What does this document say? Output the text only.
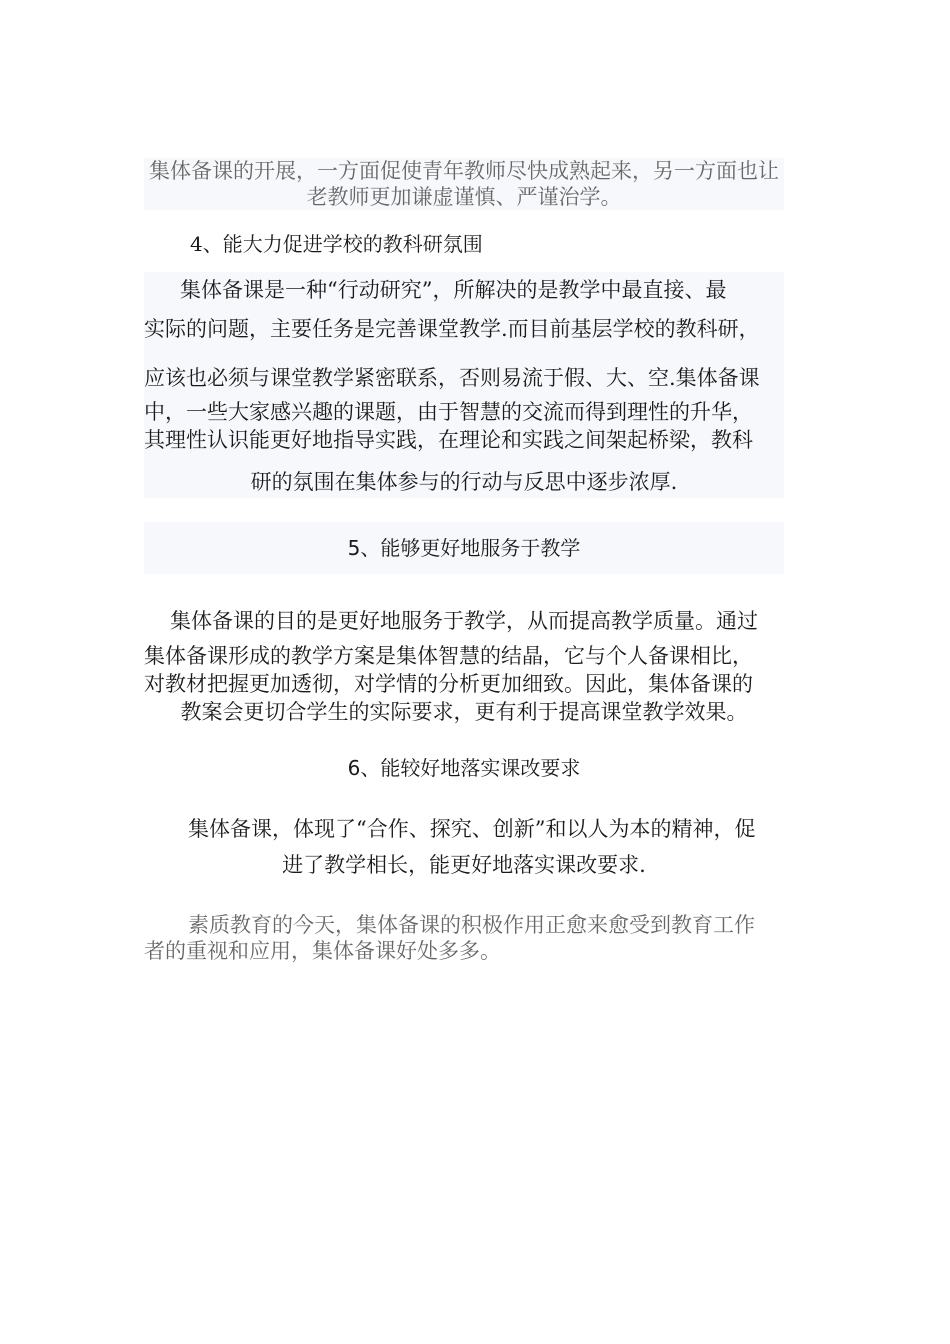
集体备课的开展，一方面促使青年教师尽快成熟起来，另一方面也让老教师更加谦虚谨慎、严谨治学。

4、能大力促进学校的教科研氛围
集体备课是一种“行动研究”，所解决的是教学中最直接、最
实际的问题，主要任务是完善课堂教学.而目前基层学校的教科研，
应该也必须与课堂教学紧密联系，否则易流于假、大、空.集体备课
中，一些大家感兴趣的课题，由于智慧的交流而得到理性的升华，
其理性认识能更好地指导实践，在理论和实践之间架起桥梁，教科
研的氛围在集体参与的行动与反思中逐步浓厚.
5、能够更好地服务于教学
集体备课的目的是更好地服务于教学，从而提高教学质量。通过
集体备课形成的教学方案是集体智慧的结晶，它与个人备课相比，
对教材把握更加透彻，对学情的分析更加细致。因此，集体备课的
教案会更切合学生的实际要求，更有利于提高课堂教学效果。
6、能较好地落实课改要求
集体备课，体现了“合作、探究、创新”和以人为本的精神，促
进了教学相长，能更好地落实课改要求.
素质教育的今天，集体备课的积极作用正愈来愈受到教育工作
者的重视和应用，集体备课好处多多。
